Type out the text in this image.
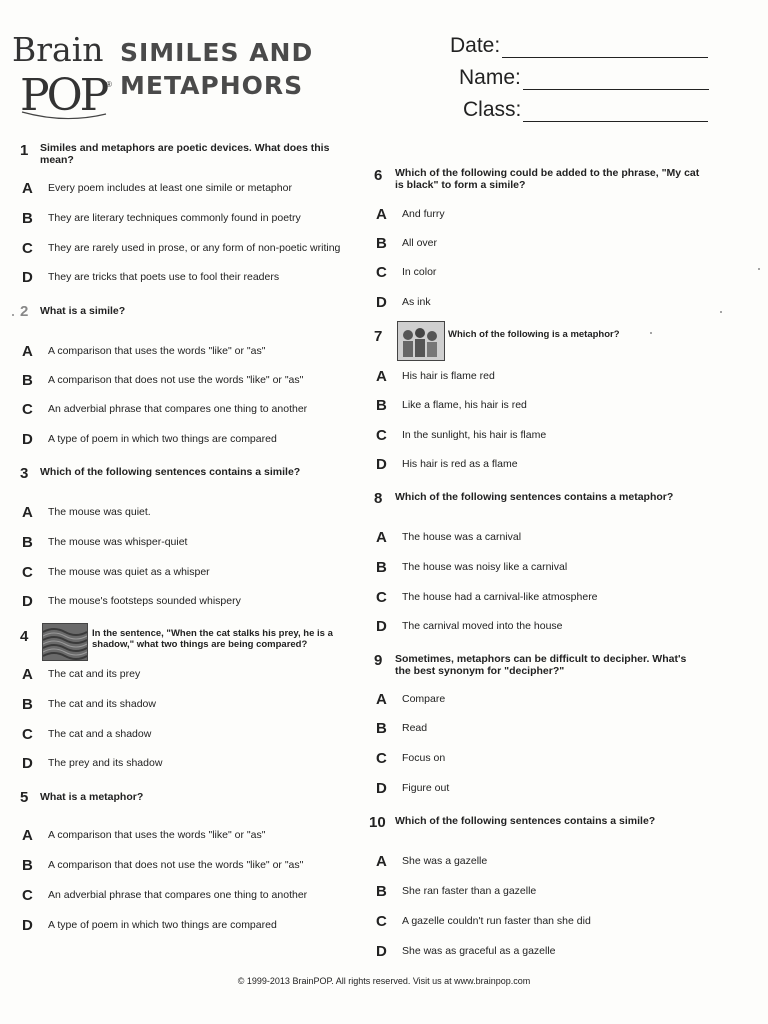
Brain
POP ®
SIMILES AND
METAPHORS
Date:
Name:
Class:
1 Similes and metaphors are poetic devices. What does this mean?
A Every poem includes at least one simile or metaphor
B They are literary techniques commonly found in poetry
C They are rarely used in prose, or any form of non-poetic writing
D They are tricks that poets use to fool their readers
2 What is a simile?
A A comparison that uses the words "like" or "as"
B A comparison that does not use the words "like" or "as"
C An adverbial phrase that compares one thing to another
D A type of poem in which two things are compared
3 Which of the following sentences contains a simile?
A The mouse was quiet.
B The mouse was whisper-quiet
C The mouse was quiet as a whisper
D The mouse's footsteps sounded whispery
4	In the sentence, "When the cat stalks his prey, he is a shadow," what two things are being compared?
A The cat and its prey
B The cat and its shadow
C The cat and a shadow
D The prey and its shadow
5 What is a metaphor?
A A comparison that uses the words "like" or "as"
B A comparison that does not use the words "like" or "as"
C An adverbial phrase that compares one thing to another
D A type of poem in which two things are compared
6 Which of the following could be added to the phrase, "My cat is black" to form a simile?
A And furry
B All over
C In color
D As ink
7	Which of the following is a metaphor?
A His hair is flame red
B Like a flame, his hair is red
C In the sunlight, his hair is flame
D His hair is red as a flame
8 Which of the following sentences contains a metaphor?
A The house was a carnival
B The house was noisy like a carnival
C The house had a carnival-like atmosphere
D The carnival moved into the house
9 Sometimes, metaphors can be difficult to decipher. What's the best synonym for "decipher?"
A Compare
B Read
C Focus on
D Figure out
10 Which of the following sentences contains a simile?
A She was a gazelle
B She ran faster than a gazelle
C A gazelle couldn't run faster than she did
D She was as graceful as a gazelle
© 1999-2013 BrainPOP. All rights reserved. Visit us at www.brainpop.com
